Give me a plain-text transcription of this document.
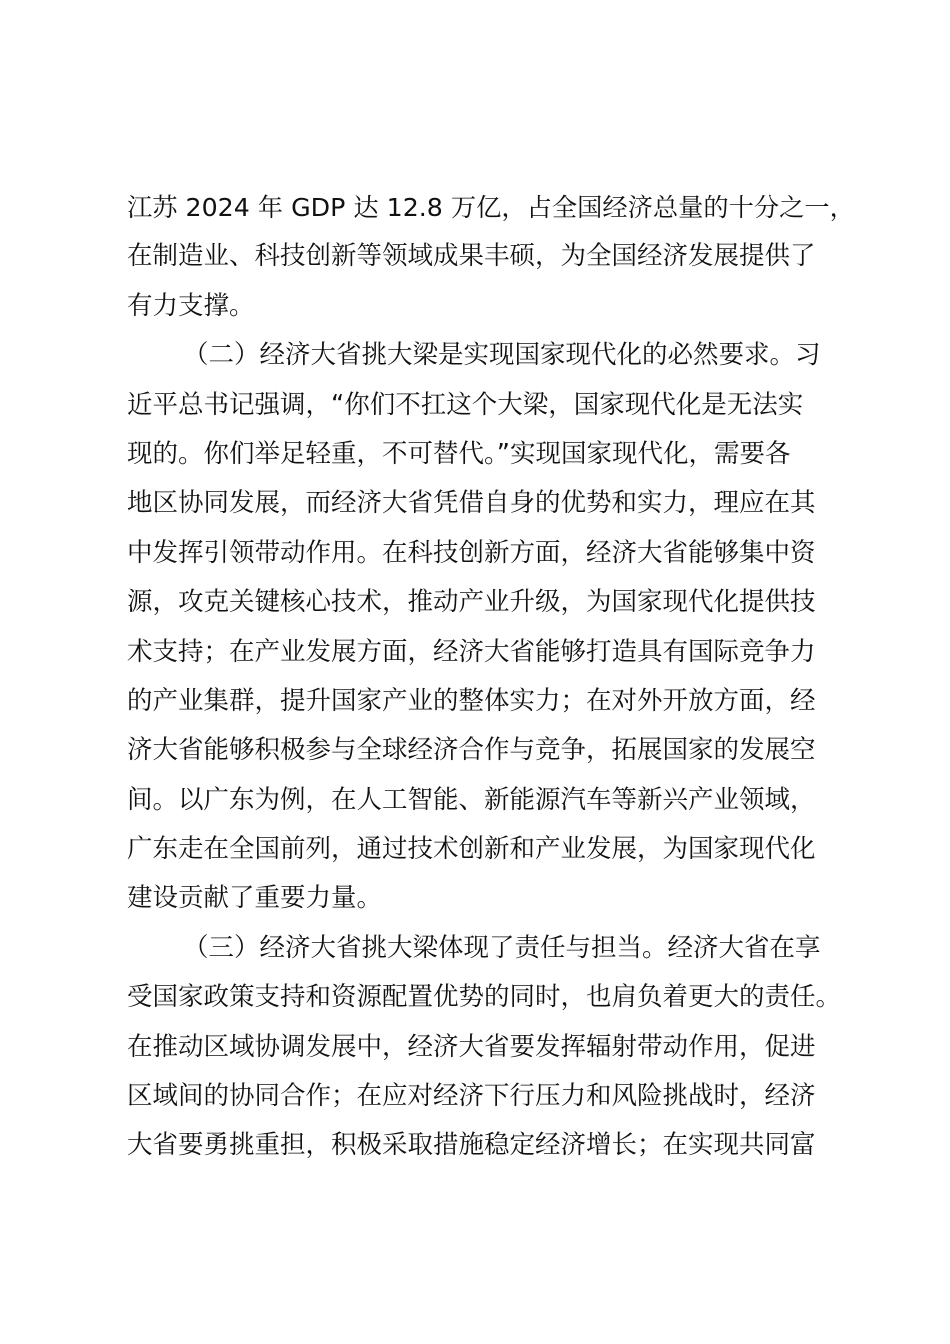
江苏 2024 年 GDP 达 12.8 万亿，占全国经济总量的十分之一，
在制造业、科技创新等领域成果丰硕，为全国经济发展提供了
有力支撑。
（二）经济大省挑大梁是实现国家现代化的必然要求。习
近平总书记强调，“你们不扛这个大梁，国家现代化是无法实
现的。你们举足轻重，不可替代。”实现国家现代化，需要各
地区协同发展，而经济大省凭借自身的优势和实力，理应在其
中发挥引领带动作用。在科技创新方面，经济大省能够集中资
源，攻克关键核心技术，推动产业升级，为国家现代化提供技
术支持；在产业发展方面，经济大省能够打造具有国际竞争力
的产业集群，提升国家产业的整体实力；在对外开放方面，经
济大省能够积极参与全球经济合作与竞争，拓展国家的发展空
间。以广东为例，在人工智能、新能源汽车等新兴产业领域，
广东走在全国前列，通过技术创新和产业发展，为国家现代化
建设贡献了重要力量。
（三）经济大省挑大梁体现了责任与担当。经济大省在享
受国家政策支持和资源配置优势的同时，也肩负着更大的责任。
在推动区域协调发展中，经济大省要发挥辐射带动作用，促进
区域间的协同合作；在应对经济下行压力和风险挑战时，经济
大省要勇挑重担，积极采取措施稳定经济增长；在实现共同富
